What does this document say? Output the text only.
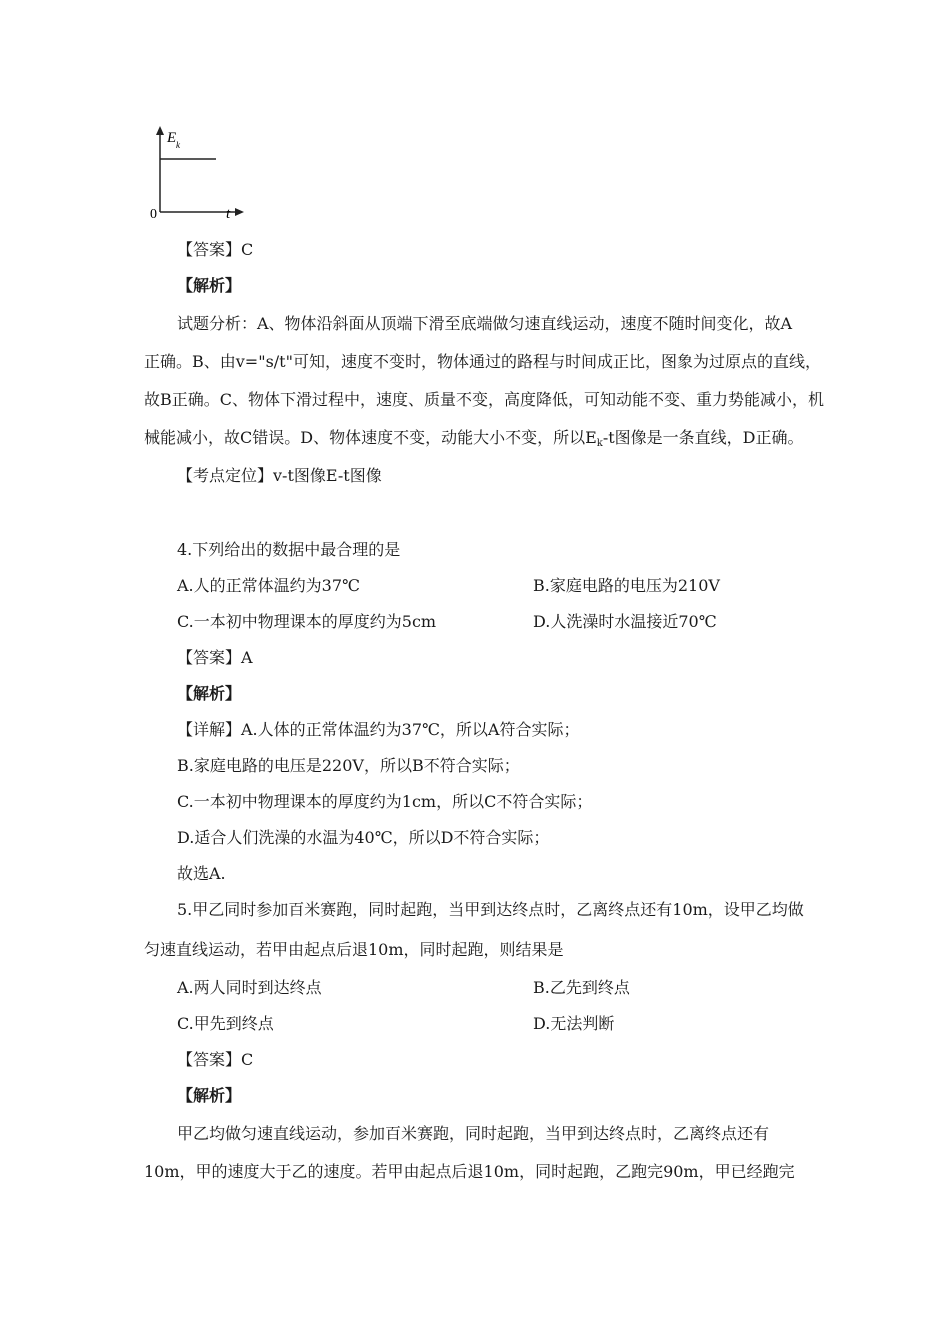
E k
0	t
【答案】C
【解析】
试题分析：A、物体沿斜面从顶端下滑至底端做匀速直线运动，速度不随时间变化，故A
正确。B、由v="s/t"可知，速度不变时，物体通过的路程与时间成正比，图象为过原点的直线，
故B正确。C、物体下滑过程中，速度、质量不变，高度降低，可知动能不变、重力势能减小，机
械能减小，故C错误。D、物体速度不变，动能大小不变，所以$E_k-t$图像是一条直线，D正确。
【考点定位】v-t图像E-t图像
4.下列给出的数据中最合理的是
A.人的正常体温约为37℃	B.家庭电路的电压为210V
C.一本初中物理课本的厚度约为5cm	D.人洗澡时水温接近70℃
【答案】A
【解析】
【详解】A.人体的正常体温约为37℃，所以A符合实际；
B.家庭电路的电压是220V，所以B不符合实际；
C.一本初中物理课本的厚度约为1cm，所以C不符合实际；
D.适合人们洗澡的水温为40℃，所以D不符合实际；
故选A.
5.甲乙同时参加百米赛跑，同时起跑，当甲到达终点时，乙离终点还有10m，设甲乙均做
匀速直线运动，若甲由起点后退10m，同时起跑，则结果是
A.两人同时到达终点	B.乙先到终点
C.甲先到终点	D.无法判断
【答案】C
【解析】
甲乙均做匀速直线运动，参加百米赛跑，同时起跑，当甲到达终点时，乙离终点还有
10m，甲的速度大于乙的速度。若甲由起点后退10m，同时起跑，乙跑完90m，甲已经跑完
